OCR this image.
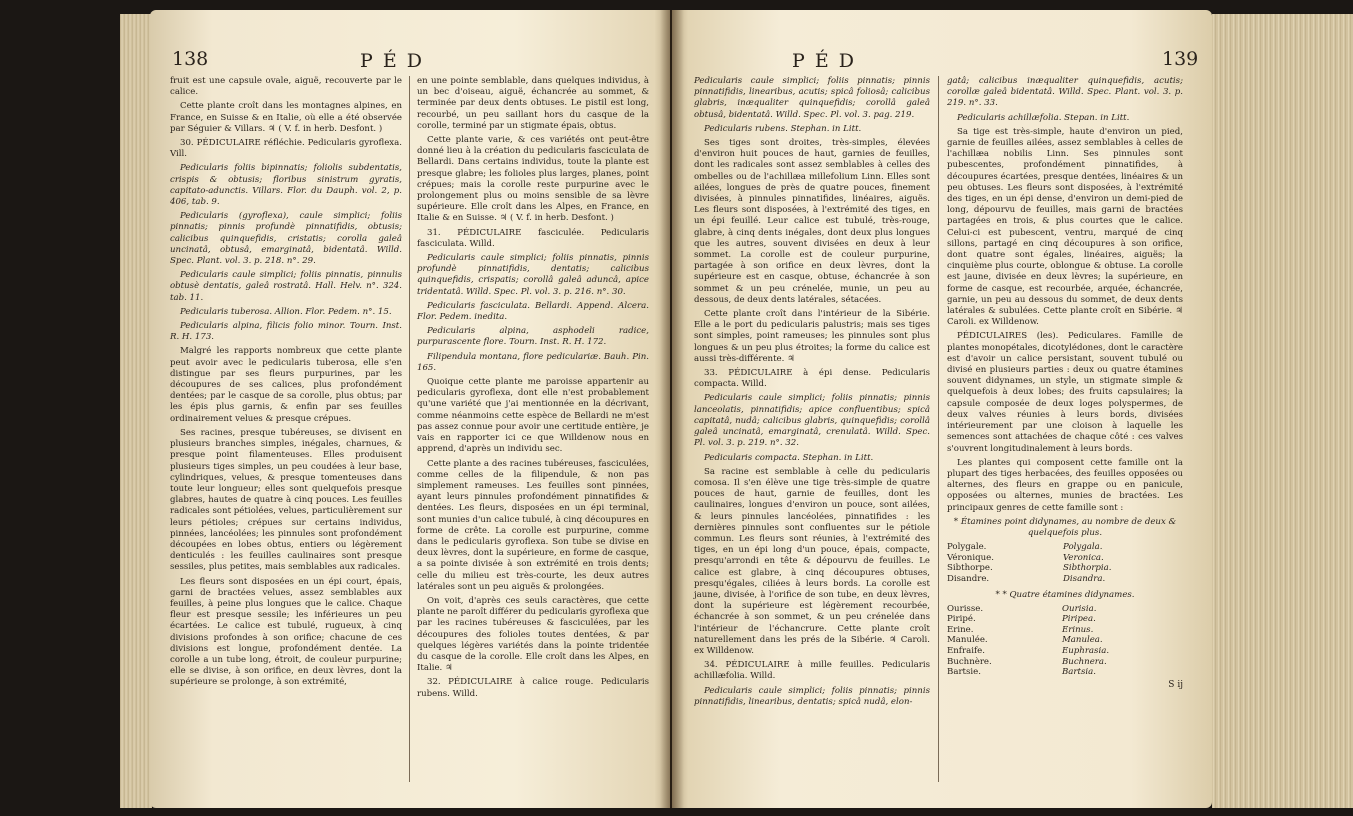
138	P É D

fruit est une capsule ovale, aiguë, recouverte par le calice.

Cette plante croît dans les montagnes alpines, en France, en Suisse & en Italie, où elle a été observée par Séguier & Villars. ♃ ( V. f. in herb. Desfont. )

30. PÉDICULAIRE réfléchie. Pedicularis gyroflexa. Vill.

Pedicularis foliis bipinnatis; foliolis subdentatis, crispis & obtusis; floribus sinistrum gyratis, capitato-adunctis. Villars. Flor. du Dauph. vol. 2, p. 406, tab. 9.

Pedicularis (gyroflexa), caule simplici; foliis pinnatis; pinnis profundè pinnatifidis, obtusis; calicibus quinquefidis, cristatis; corolla galeâ uncinatâ, obtusâ, emarginatâ, bidentatâ. Willd. Spec. Plant. vol. 3. p. 218. n°. 29.

Pedicularis caule simplici; foliis pinnatis, pinnulis obtusè dentatis, galeâ rostratâ. Hall. Helv. n°. 324. tab. 11.

Pedicularis tuberosa. Allion. Flor. Pedem. n°. 15.

Pedicularis alpina, filicis folio minor. Tourn. Inst. R. H. 173.

Malgré les rapports nombreux que cette plante peut avoir avec le pedicularis tuberosa, elle s'en distingue par ses fleurs purpurines, par les découpures de ses calices, plus profondément dentées; par le casque de sa corolle, plus obtus; par les épis plus garnis, & enfin par ses feuilles ordinairement velues & presque crépues.

Ses racines, presque tubéreuses, se divisent en plusieurs branches simples, inégales, charnues, & presque point filamenteuses. Elles produisent plusieurs tiges simples, un peu coudées à leur base, cylindriques, velues, & presque tomenteuses dans toute leur longueur; elles sont quelquefois presque glabres, hautes de quatre à cinq pouces. Les feuilles radicales sont pétiolées, velues, particulièrement sur leurs pétioles; crépues sur certains individus, pinnées, lancéolées; les pinnules sont profondément découpées en lobes obtus, entiers ou légèrement denticulés : les feuilles caulinaires sont presque sessiles, plus petites, mais semblables aux radicales.

Les fleurs sont disposées en un épi court, épais, garni de bractées velues, assez semblables aux feuilles, à peine plus longues que le calice. Chaque fleur est presque sessile; les inférieures un peu écartées. Le calice est tubulé, rugueux, à cinq divisions profondes à son orifice; chacune de ces divisions est longue, profondément dentée. La corolle a un tube long, étroit, de couleur purpurine; elle se divise, à son orifice, en deux lèvres, dont la supérieure se prolonge, à son extrémité,

en une pointe semblable, dans quelques individus, à un bec d'oiseau, aiguë, échancrée au sommet, & terminée par deux dents obtuses. Le pistil est long, recourbé, un peu saillant hors du casque de la corolle, terminé par un stigmate épais, obtus.

Cette plante varie, & ces variétés ont peut-être donné lieu à la création du pedicularis fasciculata de Bellardi. Dans certains individus, toute la plante est presque glabre; les folioles plus larges, planes, point crépues; mais la corolle reste purpurine avec le prolongement plus ou moins sensible de sa lèvre supérieure. Elle croît dans les Alpes, en France, en Italie & en Suisse. ♃ ( V. f. in herb. Desfont. )

31. PÉDICULAIRE fasciculée. Pedicularis fasciculata. Willd.

Pedicularis caule simplici; foliis pinnatis, pinnis profundè pinnatifidis, dentatis; calicibus quinquefidis, crispatis; corollâ galeâ aduncâ, apice tridentatâ. Willd. Spec. Pl. vol. 3. p. 216. n°. 30.

Pedicularis fasciculata. Bellardi. Append. Alcera. Flor. Pedem. inedita.

Pedicularis alpina, asphodeli radice, purpurascente flore. Tourn. Inst. R. H. 172.

Filipendula montana, flore pediculariæ. Bauh. Pin. 165.

Quoique cette plante me paroisse appartenir au pedicularis gyroflexa, dont elle n'est probablement qu'une variété que j'ai mentionnée en la décrivant, comme néanmoins cette espèce de Bellardi ne m'est pas assez connue pour avoir une certitude entière, je vais en rapporter ici ce que Willdenow nous en apprend, d'après un individu sec.

Cette plante a des racines tubéreuses, fasciculées, comme celles de la filipendule, & non pas simplement rameuses. Les feuilles sont pinnées, ayant leurs pinnules profondément pinnatifides & dentées. Les fleurs, disposées en un épi terminal, sont munies d'un calice tubulé, à cinq découpures en forme de crête. La corolle est purpurine, comme dans le pedicularis gyroflexa. Son tube se divise en deux lèvres, dont la supérieure, en forme de casque, a sa pointe divisée à son extrémité en trois dents; celle du milieu est très-courte, les deux autres latérales sont un peu aiguës & prolongées.

On voit, d'après ces seuls caractères, que cette plante ne paroît différer du pedicularis gyroflexa que par les racines tubéreuses & fasciculées, par les découpures des folioles toutes dentées, & par quelques légères variétés dans la pointe tridentée du casque de la corolle. Elle croît dans les Alpes, en Italie. ♃

32. PÉDICULAIRE à calice rouge. Pedicularis rubens. Willd.

P É D	139

Pedicularis caule simplici; foliis pinnatis; pinnis pinnatifidis, linearibus, acutis; spicâ foliosâ; calicibus glabris, inæqualiter quinquefidis; corollâ galeâ obtusâ, bidentatâ. Willd. Spec. Pl. vol. 3. pag. 219.

Pedicularis rubens. Stephan. in Litt.

Ses tiges sont droites, très-simples, élevées d'environ huit pouces de haut, garnies de feuilles, dont les radicales sont assez semblables à celles des ombelles ou de l'achillæa millefolium Linn. Elles sont ailées, longues de près de quatre pouces, finement divisées, à pinnules pinnatifides, linéaires, aiguës. Les fleurs sont disposées, à l'extrémité des tiges, en un épi feuillé. Leur calice est tubulé, très-rouge, glabre, à cinq dents inégales, dont deux plus longues que les autres, souvent divisées en deux à leur sommet. La corolle est de couleur purpurine, partagée à son orifice en deux lèvres, dont la supérieure est en casque, obtuse, échancrée à son sommet & un peu crénelée, munie, un peu au dessous, de deux dents latérales, sétacées.

Cette plante croît dans l'intérieur de la Sibérie. Elle a le port du pedicularis palustris; mais ses tiges sont simples, point rameuses; les pinnules sont plus longues & un peu plus étroites; la forme du calice est aussi très-différente. ♃

33. PÉDICULAIRE à épi dense. Pedicularis compacta. Willd.

Pedicularis caule simplici; foliis pinnatis; pinnis lanceolatis, pinnatifidis; apice confluentibus; spicâ capitatâ, nudâ; calicibus glabris, quinquefidis; corollâ galeâ uncinatâ, emarginatâ, crenulatâ. Willd. Spec. Pl. vol. 3. p. 219. n°. 32.

Pedicularis compacta. Stephan. in Litt.

Sa racine est semblable à celle du pedicularis comosa. Il s'en élève une tige très-simple de quatre pouces de haut, garnie de feuilles, dont les caulinaires, longues d'environ un pouce, sont ailées, & leurs pinnules lancéolées, pinnatifides : les dernières pinnules sont confluentes sur le pétiole commun. Les fleurs sont réunies, à l'extrémité des tiges, en un épi long d'un pouce, épais, compacte, presqu'arrondi en tête & dépourvu de feuilles. Le calice est glabre, à cinq découpures obtuses, presqu'égales, ciliées à leurs bords. La corolle est jaune, divisée, à l'orifice de son tube, en deux lèvres, dont la supérieure est légèrement recourbée, échancrée à son sommet, & un peu crénelée dans l'intérieur de l'échancrure. Cette plante croît naturellement dans les prés de la Sibérie. ♃ Caroli. ex Willdenow.

34. PÉDICULAIRE à mille feuilles. Pedicularis achillæfolia. Willd.

Pedicularis caule simplici; foliis pinnatis; pinnis pinnatifidis, linearibus, dentatis; spicâ nudâ, elon-

gatâ; calicibus inæqualiter quinquefidis, acutis; corollæ galeâ bidentatâ. Willd. Spec. Plant. vol. 3. p. 219. n°. 33.

Pedicularis achillæfolia. Stepan. in Litt.

Sa tige est très-simple, haute d'environ un pied, garnie de feuilles ailées, assez semblables à celles de l'achillæa nobilis Linn. Ses pinnules sont pubescentes, profondément pinnatifides, à découpures écartées, presque dentées, linéaires & un peu obtuses. Les fleurs sont disposées, à l'extrémité des tiges, en un épi dense, d'environ un demi-pied de long, dépourvu de feuilles, mais garni de bractées partagées en trois, & plus courtes que le calice. Celui-ci est pubescent, ventru, marqué de cinq sillons, partagé en cinq découpures à son orifice, dont quatre sont égales, linéaires, aiguës; la cinquième plus courte, oblongue & obtuse. La corolle est jaune, divisée en deux lèvres; la supérieure, en forme de casque, est recourbée, arquée, échancrée, garnie, un peu au dessous du sommet, de deux dents latérales & subulées. Cette plante croît en Sibérie. ♃ Caroli. ex Willdenow.

PÉDICULAIRES (les). Pediculares. Famille de plantes monopétales, dicotylédones, dont le caractère est d'avoir un calice persistant, souvent tubulé ou divisé en plusieurs parties : deux ou quatre étamines souvent didynames, un style, un stigmate simple & quelquefois à deux lobes; des fruits capsulaires; la capsule composée de deux loges polyspermes, de deux valves réunies à leurs bords, divisées intérieurement par une cloison à laquelle les semences sont attachées de chaque côté : ces valves s'ouvrent longitudinalement à leurs bords.

Les plantes qui composent cette famille ont la plupart des tiges herbacées, des feuilles opposées ou alternes, des fleurs en grappe ou en panicule, opposées ou alternes, munies de bractées. Les principaux genres de cette famille sont :

* Étamines point didynames, au nombre de deux & quelquefois plus.

Polygale.	Polygala.
Véronique.	Veronica.
Sibthorpe.	Sibthorpia.
Disandre.	Disandra.

* * Quatre étamines didynames.

Ourisse.	Ourisia.
Piripé.	Piripea.
Erine.	Erinus.
Manulée.	Manulea.
Enfraife.	Euphrasia.
Buchnère.	Buchnera.
Bartsie.	Bartsia.
S ij
